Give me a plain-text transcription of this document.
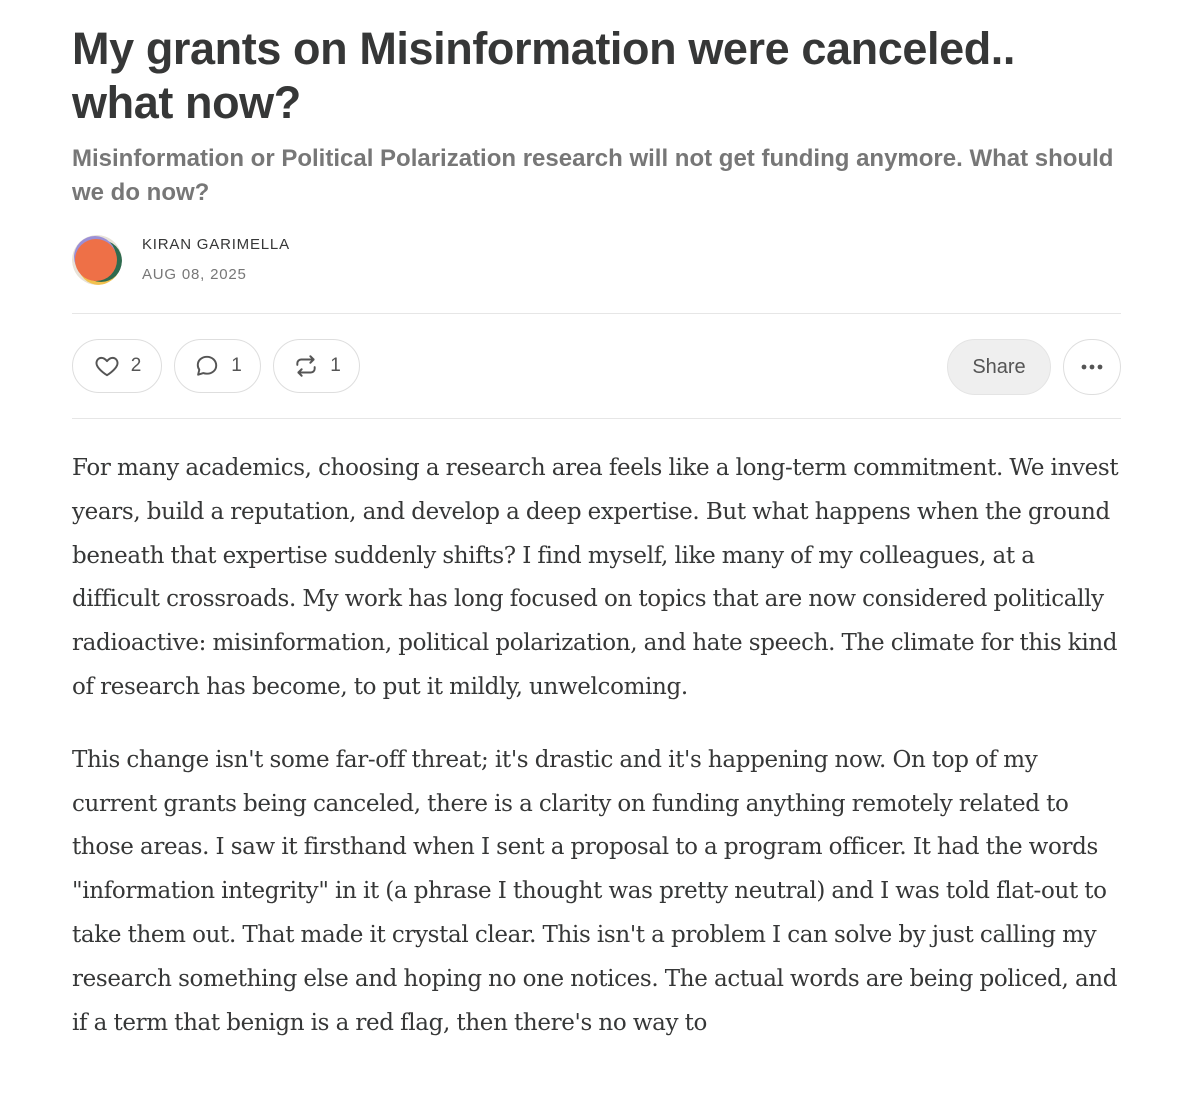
My grants on Misinformation were canceled.. what now?
Misinformation or Political Polarization research will not get funding anymore. What should we do now?
KIRAN GARIMELLA
AUG 08, 2025
2	1	1	Share

For many academics, choosing a research area feels like a long-term commitment. We invest years, build a reputation, and develop a deep expertise. But what happens when the ground beneath that expertise suddenly shifts? I find myself, like many of my colleagues, at a difficult crossroads. My work has long focused on topics that are now considered politically radioactive: misinformation, political polarization, and hate speech. The climate for this kind of research has become, to put it mildly, unwelcoming.

This change isn't some far-off threat; it's drastic and it's happening now. On top of my current grants being canceled, there is a clarity on funding anything remotely related to those areas. I saw it firsthand when I sent a proposal to a program officer. It had the words "information integrity" in it (a phrase I thought was pretty neutral) and I was told flat-out to take them out. That made it crystal clear. This isn't a problem I can solve by just calling my research something else and hoping no one notices. The actual words are being policed, and if a term that benign is a red flag, then there's no way to
